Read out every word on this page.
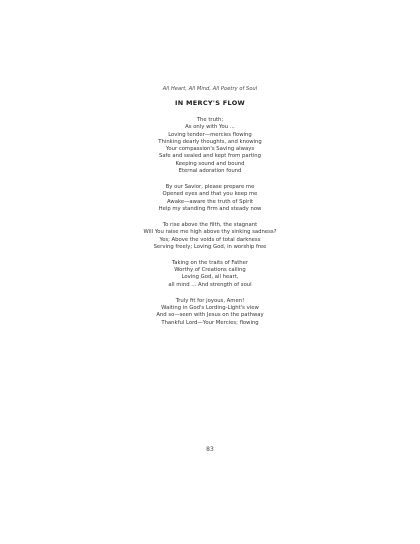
All Heart, All Mind, All Poetry of Soul
IN MERCY'S FLOW
The truth;
As only with You ...
Loving tender—mercies flowing
Thinking dearly thoughts, and knowing
Your compassion's Saving always
Safe and sealed and kept from parting
Keeping sound and bound
Eternal adoration found
By our Savior, please prepare me
Opened eyes and that you keep me
Awake—aware the truth of Spirit
Help my standing firm and steady now
To rise above the filth, the stagnant
Will You raise me high above thy sinking sadness?
Yes; Above the voids of total darkness
Serving freely; Loving God, in worship free
Taking on the traits of Father
Worthy of Creations calling
Loving God, all heart,
all mind ... And strength of soul
Truly fit for joyous, Amen!
Waiting in God's Lording-Light's view
And so—seen with Jesus on the pathway
Thankful Lord—Your Mercies; flowing
83
